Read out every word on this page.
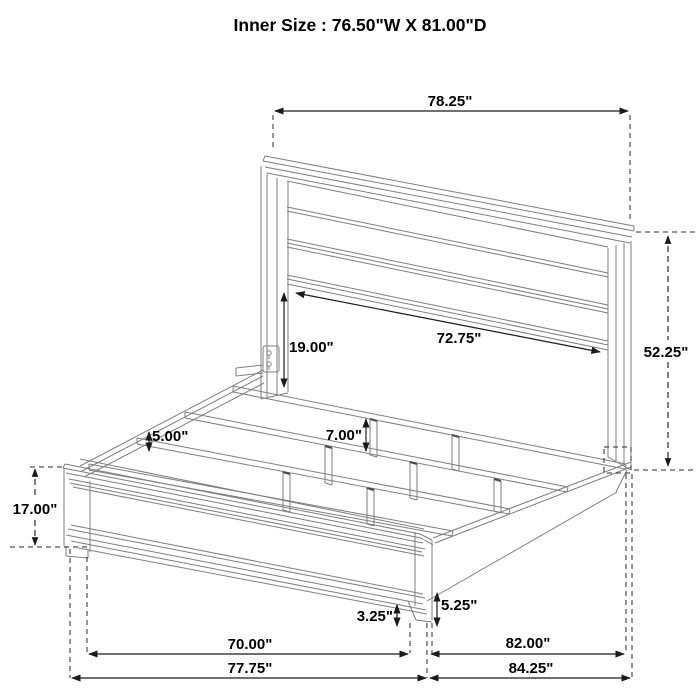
78.25"
72.75"
52.25"
19.00"
5.00"	7.00"
17.00"
3.25"
5.25"
70.00"	82.00"
77.75"	84.25"
Inner Size : 76.50"W X 81.00"D
